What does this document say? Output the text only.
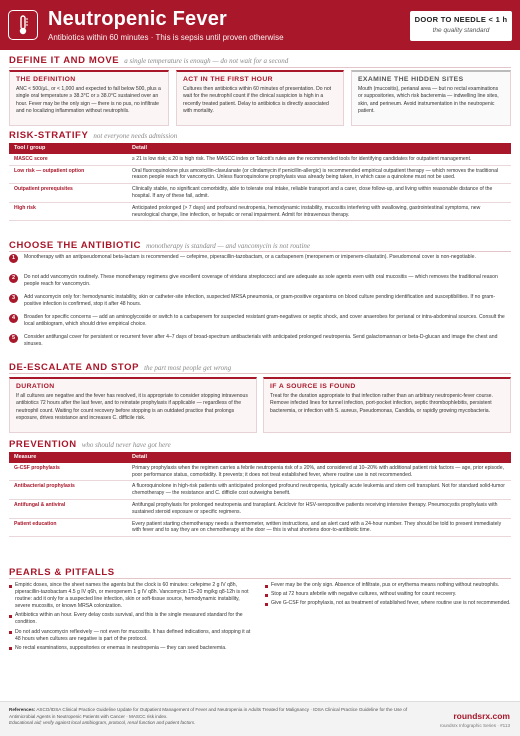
Neutropenic Fever
Antibiotics within 60 minutes · This is sepsis until proven otherwise
DOOR TO NEEDLE < 1 h
the quality standard
DEFINE IT AND MOVE a single temperature is enough — do not wait for a second
THE DEFINITION
ANC < 500/μL, or < 1,000 and expected to fall below 500, plus a single oral temperature ≥ 38.3°C or ≥ 38.0°C sustained over an hour. Fever may be the only sign — there is no pus, no infiltrate and no localizing inflammation without neutrophils.
ACT IN THE FIRST HOUR
Cultures then antibiotics within 60 minutes of presentation. Do not wait for the neutrophil count if the clinical suspicion is high in a recently treated patient. Delay to antibiotics is directly associated with mortality.
EXAMINE THE HIDDEN SITES
Mouth (mucositis), perianal area — but no rectal examinations or suppositories, which risk bacteremia — indwelling line sites, skin, and perineum. Avoid instrumentation in the neutropenic patient.
RISK-STRATIFY not everyone needs admission
Tool / group	Detail
MASCC score	≥ 21 is low risk; ≤ 20 is high risk. The MASCC index or Talcott's rules are the recommended tools for identifying candidates for outpatient management.
Low risk — outpatient option	Oral fluoroquinolone plus amoxicillin-clavulanate (or clindamycin if penicillin-allergic) is recommended empirical outpatient therapy — which removes the traditional reason people reach for vancomycin. Unless fluoroquinolone prophylaxis was already being taken, in which case a quinolone must not be used.
Outpatient prerequisites	Clinically stable, no significant comorbidity, able to tolerate oral intake, reliable transport and a carer, close follow-up, and living within reasonable distance of the hospital. If any of these fail, admit.
High risk	Anticipated prolonged (> 7 days) and profound neutropenia, hemodynamic instability, mucositis interfering with swallowing, gastrointestinal symptoms, new neurological change, line infection, or hepatic or renal impairment. Admit for intravenous therapy.
CHOOSE THE ANTIBIOTIC monotherapy is standard — and vancomycin is not routine
1	Monotherapy with an antipseudomonal beta-lactam is recommended — cefepime, piperacillin-tazobactam, or a carbapenem (meropenem or imipenem-cilastatin). Pseudomonal cover is non-negotiable.
2	Do not add vancomycin routinely. These monotherapy regimens give excellent coverage of viridans streptococci and are adequate as sole agents even with oral mucositis — which removes the traditional reason people reach for vancomycin.
3	Add vancomycin only for: hemodynamic instability, skin or catheter-site infection, suspected MRSA pneumonia, or gram-positive organisms on blood culture pending identification and susceptibilities. If no gram-positive infection is confirmed, stop it after 48 hours.
4	Broaden for specific concerns — add an aminoglycoside or switch to a carbapenem for suspected resistant gram-negatives or septic shock, and cover anaerobes for perianal or intra-abdominal sources. Consult the local antibiogram, which should drive empirical choice.
5	Consider antifungal cover for persistent or recurrent fever after 4–7 days of broad-spectrum antibacterials with anticipated prolonged neutropenia. Send galactomannan or beta-D-glucan and image the chest and sinuses.
DE-ESCALATE AND STOP the part most people get wrong
DURATION
If all cultures are negative and the fever has resolved, it is appropriate to consider stopping intravenous antibiotics 72 hours after the last fever, and to reinstate prophylaxis if applicable — regardless of the neutrophil count. Waiting for count recovery before stopping is an outdated practice that prolongs exposure, drives resistance and increases C. difficile risk.
IF A SOURCE IS FOUND
Treat for the duration appropriate to that infection rather than an arbitrary neutropenic-fever course. Remove infected lines for tunnel infection, port-pocket infection, septic thrombophlebitis, persistent bacteremia, or infection with S. aureus, Pseudomonas, Candida, or rapidly growing mycobacteria.
PREVENTION who should never have got here
Measure	Detail
G-CSF prophylaxis	Primary prophylaxis when the regimen carries a febrile neutropenia risk of ≥ 20%, and considered at 10–20% with additional patient risk factors — age, prior episode, poor performance status, comorbidity. It prevents; it does not treat established fever, where routine use is not recommended.
Antibacterial prophylaxis	A fluoroquinolone in high-risk patients with anticipated prolonged profound neutropenia, typically acute leukemia and stem cell transplant. Not for standard solid-tumor chemotherapy — the resistance and C. difficile cost outweighs benefit.
Antifungal & antiviral	Antifungal prophylaxis for prolonged neutropenia and transplant. Aciclovir for HSV-seropositive patients receiving intensive therapy. Pneumocystis prophylaxis with sustained steroid exposure or specific regimens.
Patient education	Every patient starting chemotherapy needs a thermometer, written instructions, and an alert card with a 24-hour number. They should be told to present immediately with fever and to say they are on chemotherapy at the door — this is what shortens door-to-antibiotic time.
PEARLS & PITFALLS
Empiric doses, since the sheet names the agents but the clock is 60 minutes: cefepime 2 g IV q8h, piperacillin-tazobactam 4.5 g IV q6h, or meropenem 1 g IV q8h. Vancomycin 15–20 mg/kg q8-12h is not routine: add it only for a suspected line infection, skin or soft-tissue source, hemodynamic instability, severe mucositis, or known MRSA colonization.
Antibiotics within an hour. Every delay costs survival, and this is the single measured standard for the condition.
Do not add vancomycin reflexively — not even for mucositis. It has defined indications, and stopping it at 48 hours when cultures are negative is part of the protocol.
No rectal examinations, suppositories or enemas in neutropenia — they can seed bacteremia.
Fever may be the only sign. Absence of infiltrate, pus or erythema means nothing without neutrophils.
Stop at 72 hours afebrile with negative cultures, without waiting for count recovery.
Give G-CSF for prophylaxis, not as treatment of established fever, where routine use is not recommended.
References: ASCO/IDSA Clinical Practice Guideline Update for Outpatient Management of Fever and Neutropenia in Adults Treated for Malignancy · IDSA Clinical Practice Guideline for the Use of Antimicrobial Agents in Neutropenic Patients with Cancer · MASCC risk index.
Educational aid; verify against local antibiogram, protocol, renal function and patient factors.
roundsrx.com
roundsrx Infographic Series · #113
